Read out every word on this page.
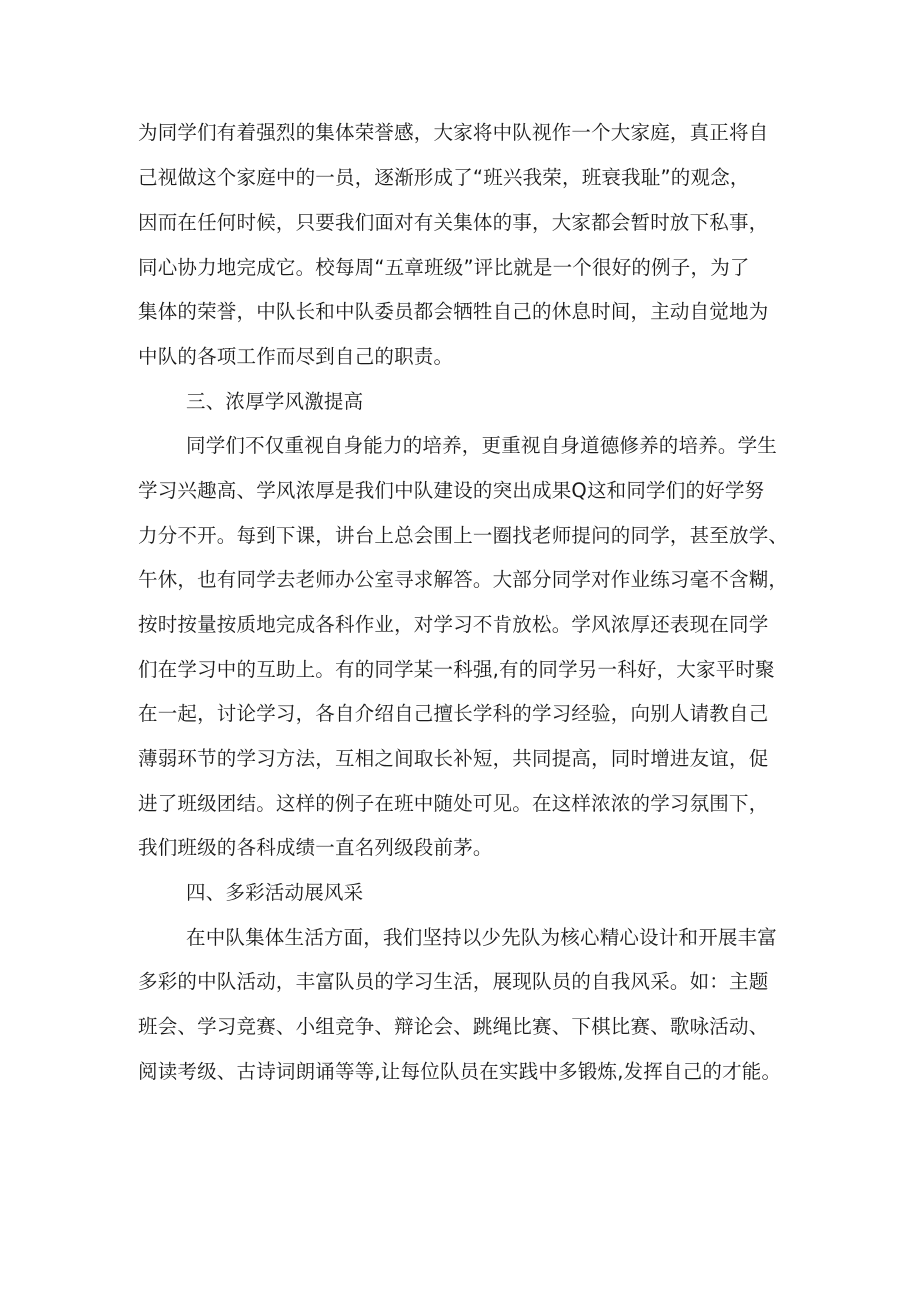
为同学们有着强烈的集体荣誉感，大家将中队视作一个大家庭，真正将自
己视做这个家庭中的一员，逐渐形成了“班兴我荣，班衰我耻”的观念，
因而在任何时候，只要我们面对有关集体的事，大家都会暂时放下私事，
同心协力地完成它。校每周“五章班级”评比就是一个很好的例子，为了
集体的荣誉，中队长和中队委员都会牺牲自己的休息时间，主动自觉地为
中队的各项工作而尽到自己的职责。
三、浓厚学风激提高
同学们不仅重视自身能力的培养，更重视自身道德修养的培养。学生
学习兴趣高、学风浓厚是我们中队建设的突出成果Q这和同学们的好学努
力分不开。每到下课，讲台上总会围上一圈找老师提问的同学，甚至放学、
午休，也有同学去老师办公室寻求解答。大部分同学对作业练习毫不含糊，
按时按量按质地完成各科作业，对学习不肯放松。学风浓厚还表现在同学
们在学习中的互助上。有的同学某一科强,有的同学另一科好，大家平时聚
在一起，讨论学习，各自介绍自己擅长学科的学习经验，向别人请教自己
薄弱环节的学习方法，互相之间取长补短，共同提高，同时增进友谊，促
进了班级团结。这样的例子在班中随处可见。在这样浓浓的学习氛围下，
我们班级的各科成绩一直名列级段前茅。
四、多彩活动展风采
在中队集体生活方面，我们坚持以少先队为核心精心设计和开展丰富
多彩的中队活动，丰富队员的学习生活，展现队员的自我风采。如：主题
班会、学习竞赛、小组竞争、辩论会、跳绳比赛、下棋比赛、歌咏活动、
阅读考级、古诗词朗诵等等,让每位队员在实践中多锻炼,发挥自己的才能。
